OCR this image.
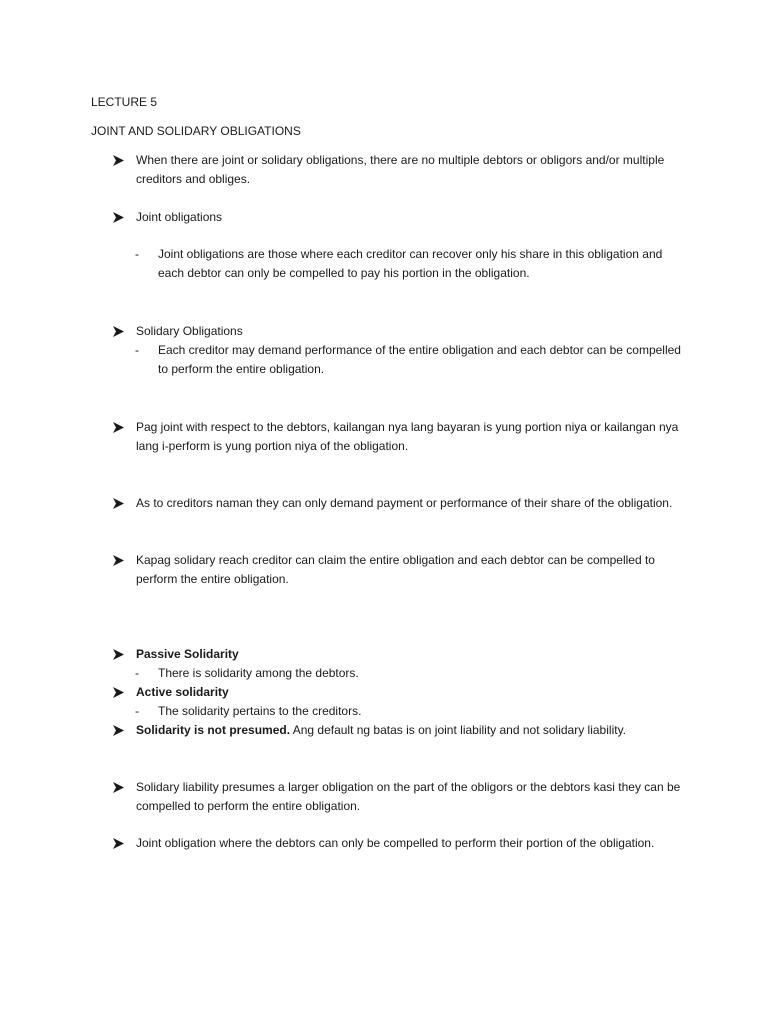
LECTURE 5
JOINT AND SOLIDARY OBLIGATIONS
When there are joint or solidary obligations, there are no multiple debtors or obligors and/or multiple creditors and obliges.
Joint obligations
- Joint obligations are those where each creditor can recover only his share in this obligation and each debtor can only be compelled to pay his portion in the obligation.
Solidary Obligations
- Each creditor may demand performance of the entire obligation and each debtor can be compelled to perform the entire obligation.
Pag joint with respect to the debtors, kailangan nya lang bayaran is yung portion niya or kailangan nya lang i-perform is yung portion niya of the obligation.
As to creditors naman they can only demand payment or performance of their share of the obligation.
Kapag solidary reach creditor can claim the entire obligation and each debtor can be compelled to perform the entire obligation.
Passive Solidarity
- There is solidarity among the debtors.
Active solidarity
- The solidarity pertains to the creditors.
Solidarity is not presumed. Ang default ng batas is on joint liability and not solidary liability.
Solidary liability presumes a larger obligation on the part of the obligors or the debtors kasi they can be compelled to perform the entire obligation.
Joint obligation where the debtors can only be compelled to perform their portion of the obligation.
